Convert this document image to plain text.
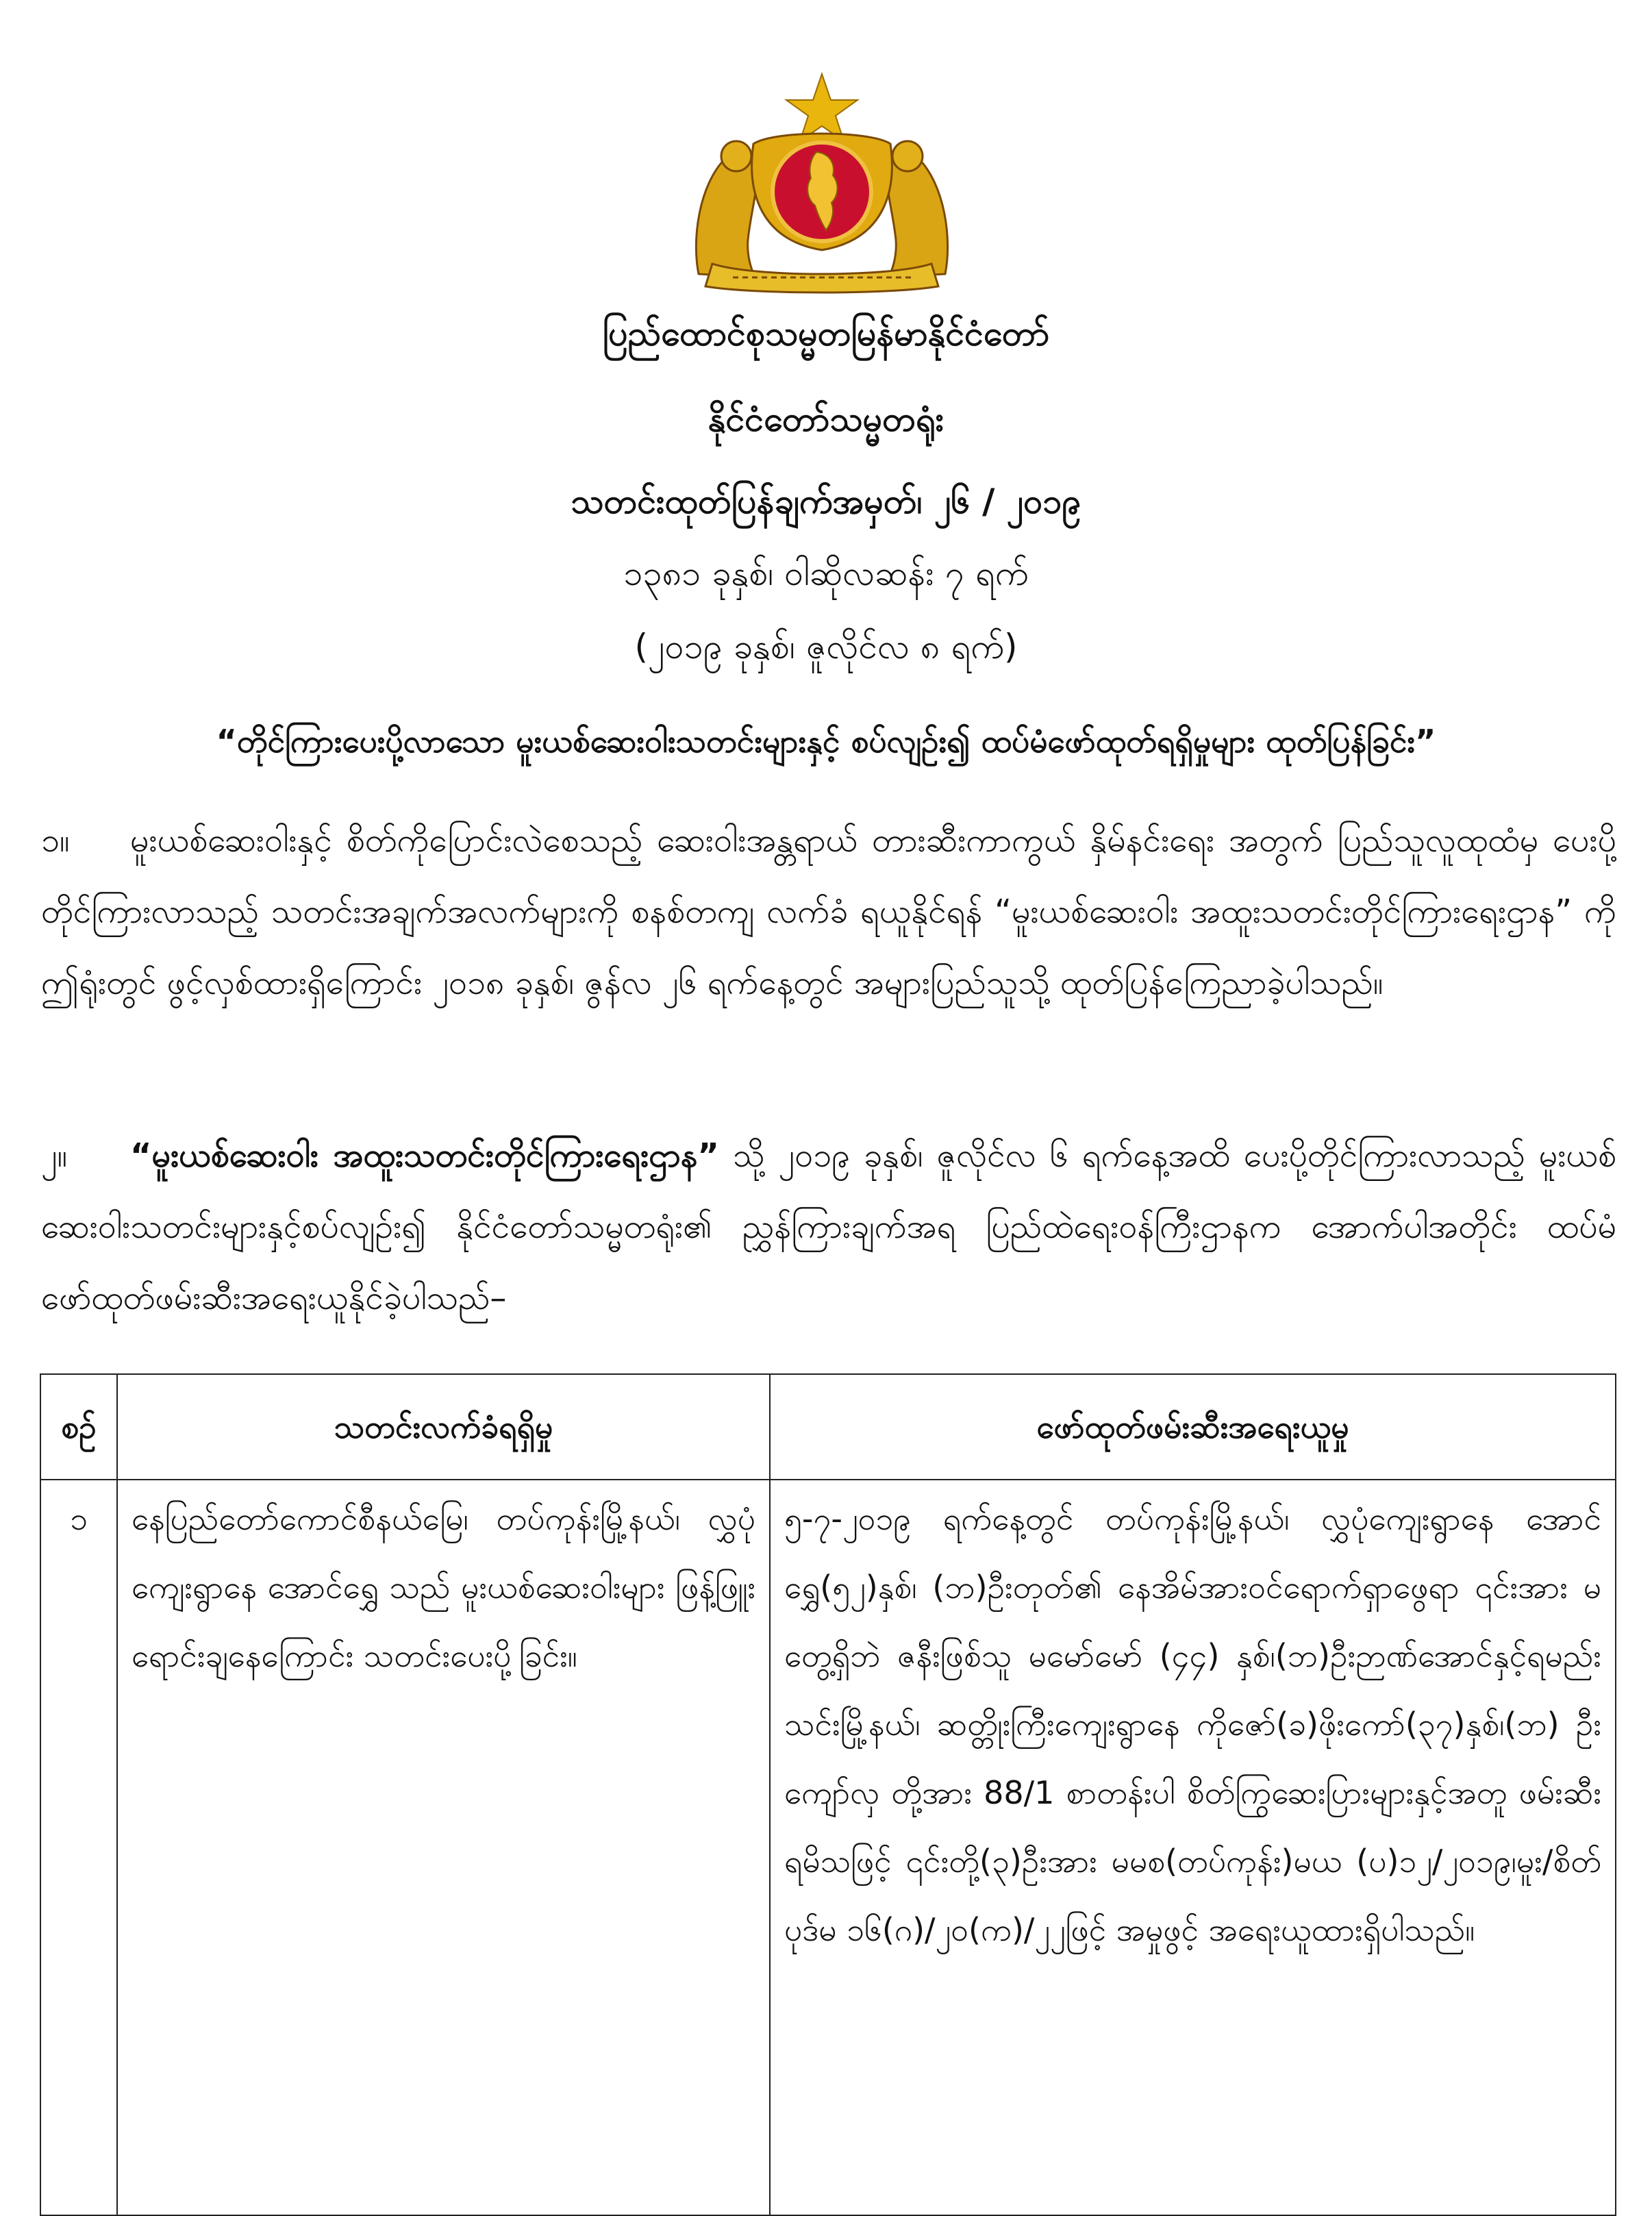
ပြည်ထောင်စုသမ္မတမြန်မာနိုင်ငံတော်
နိုင်ငံတော်သမ္မတရုံး
သတင်းထုတ်ပြန်ချက်အမှတ်၊ ၂၆ / ၂၀၁၉
၁၃၈၁ ခုနှစ်၊ ဝါဆိုလဆန်း ၇ ရက်
(၂၀၁၉ ခုနှစ်၊ ဇူလိုင်လ ၈ ရက်)
“တိုင်ကြားပေးပို့လာသော မူးယစ်ဆေးဝါးသတင်းများနှင့် စပ်လျဉ်း၍ ထပ်မံဖော်ထုတ်ရရှိမှုများ ထုတ်ပြန်ခြင်း”
၁။ မူးယစ်ဆေးဝါးနှင့် စိတ်ကိုပြောင်းလဲစေသည့် ဆေးဝါးအန္တရာယ် တားဆီးကာကွယ် နှိမ်နင်းရေး အတွက် ပြည်သူလူထုထံမှ ပေးပို့တိုင်ကြားလာသည့် သတင်းအချက်အလက်များကို စနစ်တကျ လက်ခံ ရယူနိုင်ရန် “မူးယစ်ဆေးဝါး အထူးသတင်းတိုင်ကြားရေးဌာန” ကို ဤရုံးတွင် ဖွင့်လှစ်ထားရှိကြောင်း ၂၀၁၈ ခုနှစ်၊ ဇွန်လ ၂၆ ရက်နေ့တွင် အများပြည်သူသို့ ထုတ်ပြန်ကြေညာခဲ့ပါသည်။
၂။ “မူးယစ်ဆေးဝါး အထူးသတင်းတိုင်ကြားရေးဌာန” သို့ ၂၀၁၉ ခုနှစ်၊ ဇူလိုင်လ ၆ ရက်နေ့အထိ ပေးပို့တိုင်ကြားလာသည့် မူးယစ်ဆေးဝါးသတင်းများနှင့်စပ်လျဉ်း၍ နိုင်ငံတော်သမ္မတရုံး၏ ညွှန်ကြားချက်အရ ပြည်ထဲရေးဝန်ကြီးဌာနက အောက်ပါအတိုင်း ထပ်မံဖော်ထုတ်ဖမ်းဆီးအရေးယူနိုင်ခဲ့ပါသည်–
စဉ်	သတင်းလက်ခံရရှိမှု	ဖော်ထုတ်ဖမ်းဆီးအရေးယူမှု
၁	နေပြည်တော်ကောင်စီနယ်မြေ၊ တပ်ကုန်းမြို့နယ်၊ လွှပုံကျေးရွာနေ အောင်ရွှေ သည် မူးယစ်ဆေးဝါးများ ဖြန့်ဖြူးရောင်းချနေကြောင်း သတင်းပေးပို့ခြင်း။	၅-၇-၂၀၁၉ ရက်နေ့တွင် တပ်ကုန်းမြို့နယ်၊ လွှပုံကျေးရွာနေ အောင်ရွှေ(၅၂)နှစ်၊ (ဘ)ဦးတုတ်၏ နေအိမ်အားဝင်ရောက်ရှာဖွေရာ ၎င်းအား မတွေ့ရှိဘဲ ဇနီးဖြစ်သူ မမော်မော် (၄၄) နှစ်၊(ဘ)ဦးဉာဏ်အောင်နှင့်ရမည်းသင်းမြို့နယ်၊ ဆတ္တိုးကြီးကျေးရွာနေ ကိုဇော်(ခ)ဖိုးကော်(၃၇)နှစ်၊(ဘ) ဦးကျော်လှ တို့အား 88/1 စာတန်းပါ စိတ်ကြွဆေးပြားများနှင့်အတူ ဖမ်းဆီးရမိသဖြင့် ၎င်းတို့(၃)ဦးအား မမစ(တပ်ကုန်း)မယ (ပ)၁၂/၂၀၁၉၊မူး/စိတ်ပုဒ်မ ၁၆(ဂ)/၂၀(က)/၂၂ဖြင့် အမှုဖွင့် အရေးယူထားရှိပါသည်။
